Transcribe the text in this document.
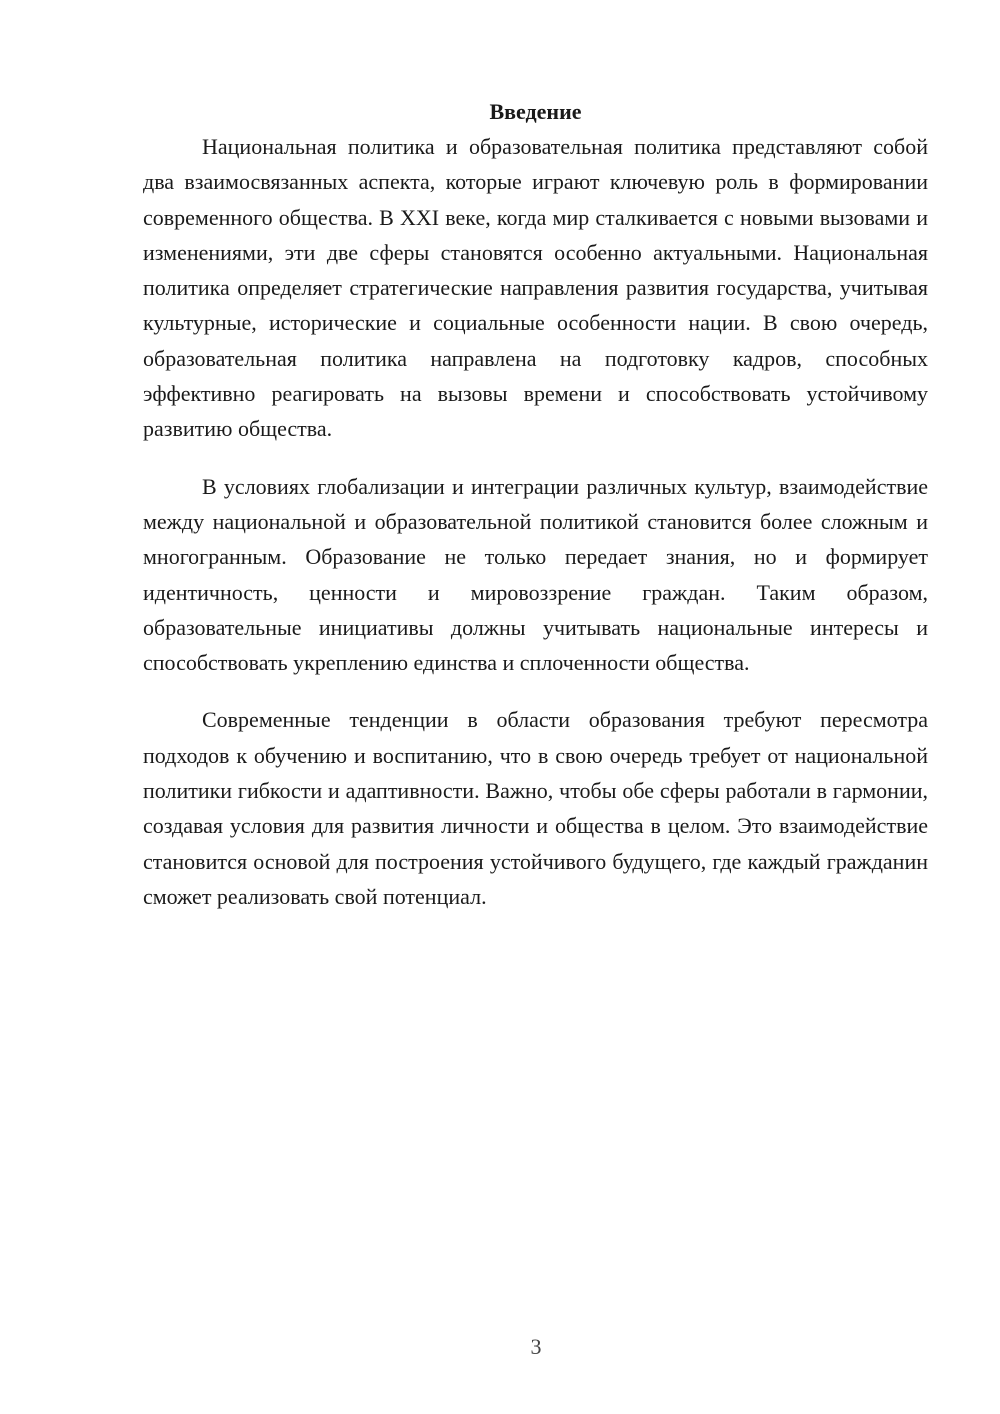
Введение

Национальная политика и образовательная политика представляют собой два взаимосвязанных аспекта, которые играют ключевую роль в формировании современного общества. В XXI веке, когда мир сталкивается с новыми вызовами и изменениями, эти две сферы становятся особенно актуальными. Национальная политика определяет стратегические направления развития государства, учитывая культурные, исторические и социальные особенности нации. В свою очередь, образовательная политика направлена на подготовку кадров, способных эффективно реагировать на вызовы времени и способствовать устойчивому развитию общества.

В условиях глобализации и интеграции различных культур, взаимодействие между национальной и образовательной политикой становится более сложным и многогранным. Образование не только передает знания, но и формирует идентичность, ценности и мировоззрение граждан. Таким образом, образовательные инициативы должны учитывать национальные интересы и способствовать укреплению единства и сплоченности общества.

Современные тенденции в области образования требуют пересмотра подходов к обучению и воспитанию, что в свою очередь требует от национальной политики гибкости и адаптивности. Важно, чтобы обе сферы работали в гармонии, создавая условия для развития личности и общества в целом. Это взаимодействие становится основой для построения устойчивого будущего, где каждый гражданин сможет реализовать свой потенциал.

3
